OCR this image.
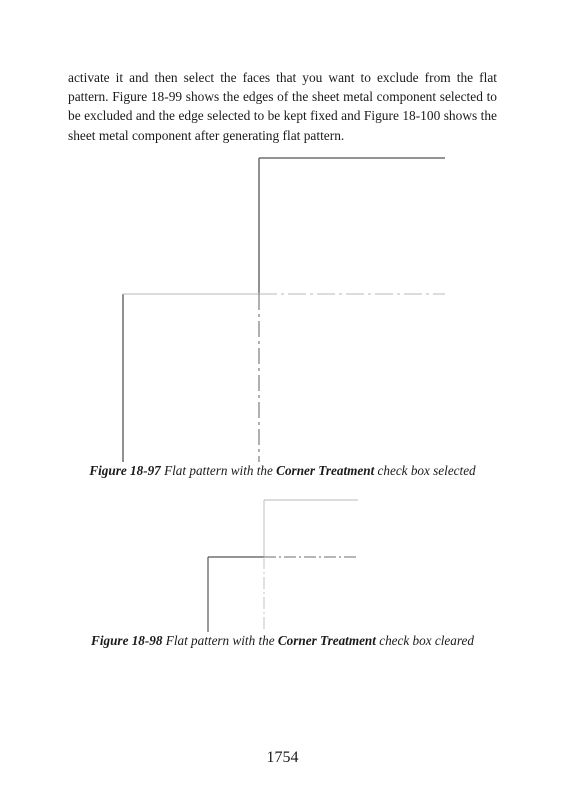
activate it and then select the faces that you want to exclude from the flat pattern. Figure 18-99 shows the edges of the sheet metal component selected to be excluded and the edge selected to be kept fixed and Figure 18-100 shows the sheet metal component after generating flat pattern.

Figure 18-97 Flat pattern with the Corner Treatment check box selected
Figure 18-98 Flat pattern with the Corner Treatment check box cleared
1754
